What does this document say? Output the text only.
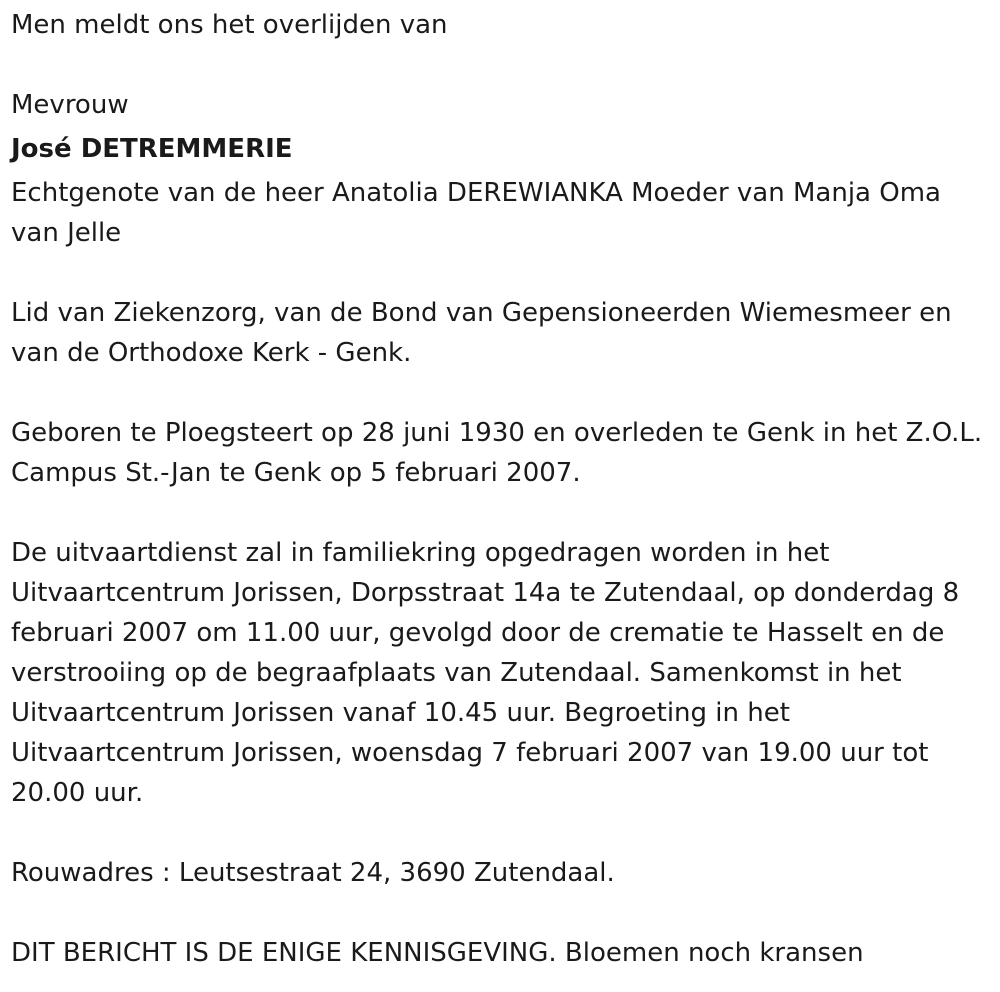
Men meldt ons het overlijden van

Mevrouw

José DETREMMERIE

Echtgenote van de heer Anatolia DEREWIANKA Moeder van Manja Oma van Jelle

Lid van Ziekenzorg, van de Bond van Gepensioneerden Wiemesmeer en van de Orthodoxe Kerk - Genk.

Geboren te Ploegsteert op 28 juni 1930 en overleden te Genk in het Z.O.L. Campus St.-Jan te Genk op 5 februari 2007.

De uitvaartdienst zal in familiekring opgedragen worden in het Uitvaartcentrum Jorissen, Dorpsstraat 14a te Zutendaal, op donderdag 8 februari 2007 om 11.00 uur, gevolgd door de crematie te Hasselt en de verstrooiing op de begraafplaats van Zutendaal. Samenkomst in het Uitvaartcentrum Jorissen vanaf 10.45 uur. Begroeting in het Uitvaartcentrum Jorissen, woensdag 7 februari 2007 van 19.00 uur tot 20.00 uur.

Rouwadres : Leutsestraat 24, 3690 Zutendaal.

DIT BERICHT IS DE ENIGE KENNISGEVING. Bloemen noch kransen
